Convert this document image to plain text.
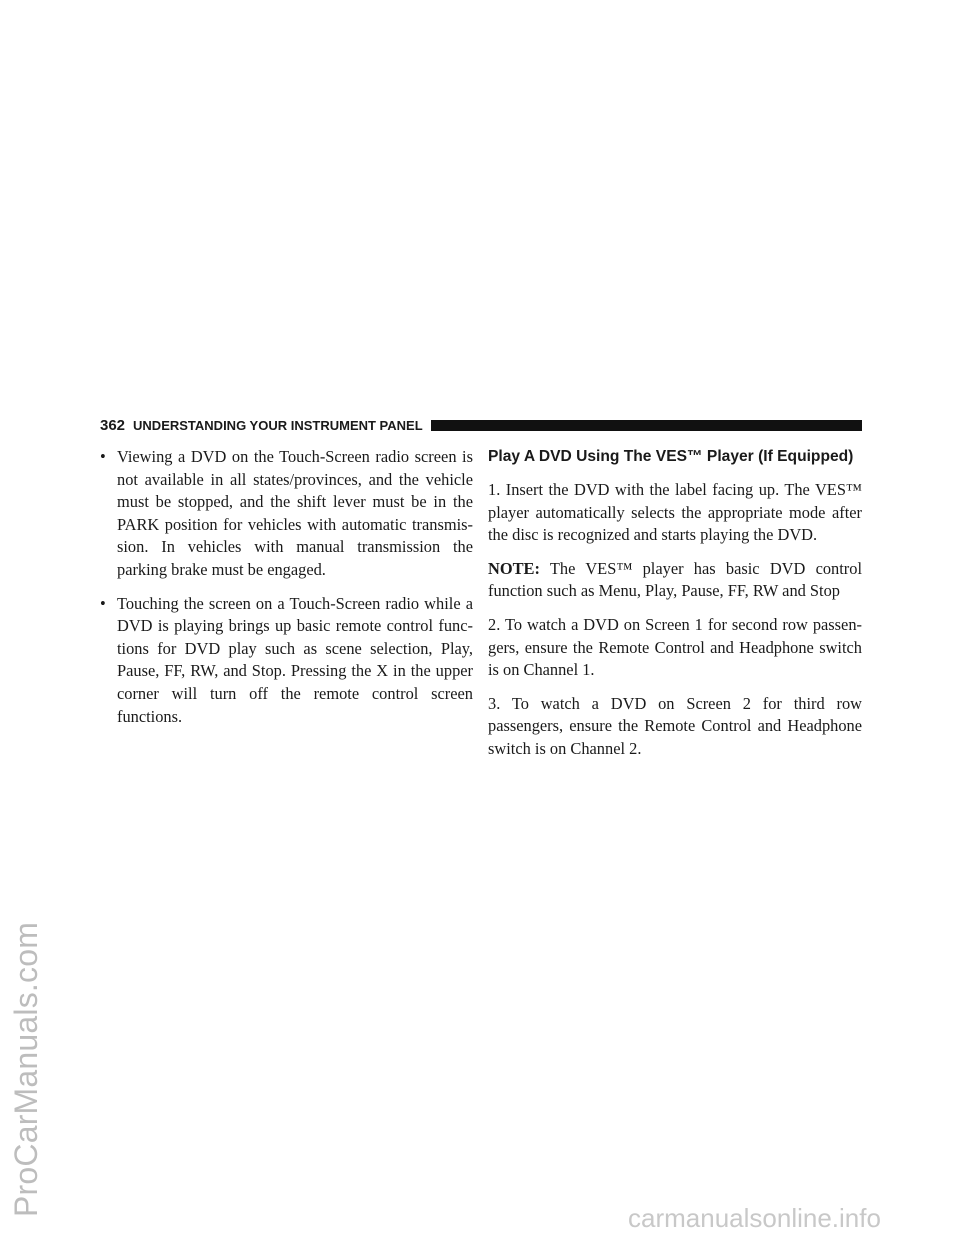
ProCarManuals.com
362 UNDERSTANDING YOUR INSTRUMENT PANEL
• Viewing a DVD on the Touch-Screen radio screen is not available in all states/provinces, and the vehicle must be stopped, and the shift lever must be in the PARK position for vehicles with automatic transmission. In vehicles with manual transmission the parking brake must be engaged.
• Touching the screen on a Touch-Screen radio while a DVD is playing brings up basic remote control functions for DVD play such as scene selection, Play, Pause, FF, RW, and Stop. Pressing the X in the upper corner will turn off the remote control screen functions.
Play A DVD Using The VES™ Player (If Equipped)

1. Insert the DVD with the label facing up. The VES™ player automatically selects the appropriate mode after the disc is recognized and starts playing the DVD.

NOTE: The VES™ player has basic DVD control function such as Menu, Play, Pause, FF, RW and Stop

2. To watch a DVD on Screen 1 for second row passengers, ensure the Remote Control and Headphone switch is on Channel 1.

3. To watch a DVD on Screen 2 for third row passengers, ensure the Remote Control and Headphone switch is on Channel 2.

carmanualsonline.info
